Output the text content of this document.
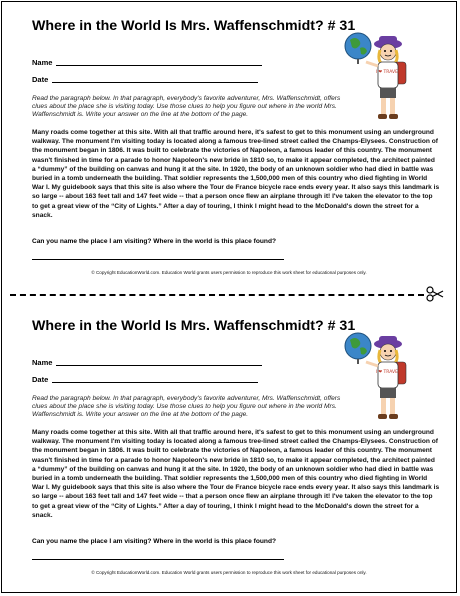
Where in the World Is Mrs. Waffenschmidt? # 31
I ❤ TRAVEL
Name
Date

Read the paragraph below. In that paragraph, everybody's favorite adventurer, Mrs. Waffenschmidt, offers clues about the place she is visiting today. Use those clues to help you figure out where in the world Mrs. Waffenschmidt is. Write your answer on the line at the bottom of the page.

Many roads come together at this site. With all that traffic around here, it's safest to get to this monument using an underground walkway. The monument I'm visiting today is located along a famous tree-lined street called the Champs-Elysees. Construction of the monument began in 1806. It was built to celebrate the victories of Napoleon, a famous leader of this country. The monument wasn't finished in time for a parade to honor Napoleon's new bride in 1810 so, to make it appear completed, the architect painted a “dummy” of the building on canvas and hung it at the site. In 1920, the body of an unknown soldier who had died in battle was buried in a tomb underneath the building. That soldier represents the 1,500,000 men of this country who died fighting in World War I. My guidebook says that this site is also where the Tour de France bicycle race ends every year. It also says this landmark is so large -- about 163 feet tall and 147 feet wide -- that a person once flew an airplane through it! I've taken the elevator to the top to get a great view of the “City of Lights.” After a day of touring, I think I might head to the McDonald's down the street for a snack.

Can you name the place I am visiting? Where in the world is this place found?

© Copyright EducationWorld.com. Education World grants users permission to reproduce this work sheet for educational purposes only.

Where in the World Is Mrs. Waffenschmidt? # 31
I ❤ TRAVEL
Name
Date

Read the paragraph below. In that paragraph, everybody's favorite adventurer, Mrs. Waffenschmidt, offers clues about the place she is visiting today. Use those clues to help you figure out where in the world Mrs. Waffenschmidt is. Write your answer on the line at the bottom of the page.

Many roads come together at this site. With all that traffic around here, it's safest to get to this monument using an underground walkway. The monument I'm visiting today is located along a famous tree-lined street called the Champs-Elysees. Construction of the monument began in 1806. It was built to celebrate the victories of Napoleon, a famous leader of this country. The monument wasn't finished in time for a parade to honor Napoleon's new bride in 1810 so, to make it appear completed, the architect painted a “dummy” of the building on canvas and hung it at the site. In 1920, the body of an unknown soldier who had died in battle was buried in a tomb underneath the building. That soldier represents the 1,500,000 men of this country who died fighting in World War I. My guidebook says that this site is also where the Tour de France bicycle race ends every year. It also says this landmark is so large -- about 163 feet tall and 147 feet wide -- that a person once flew an airplane through it! I've taken the elevator to the top to get a great view of the “City of Lights.” After a day of touring, I think I might head to the McDonald's down the street for a snack.

Can you name the place I am visiting? Where in the world is this place found?

© Copyright EducationWorld.com. Education World grants users permission to reproduce this work sheet for educational purposes only.
